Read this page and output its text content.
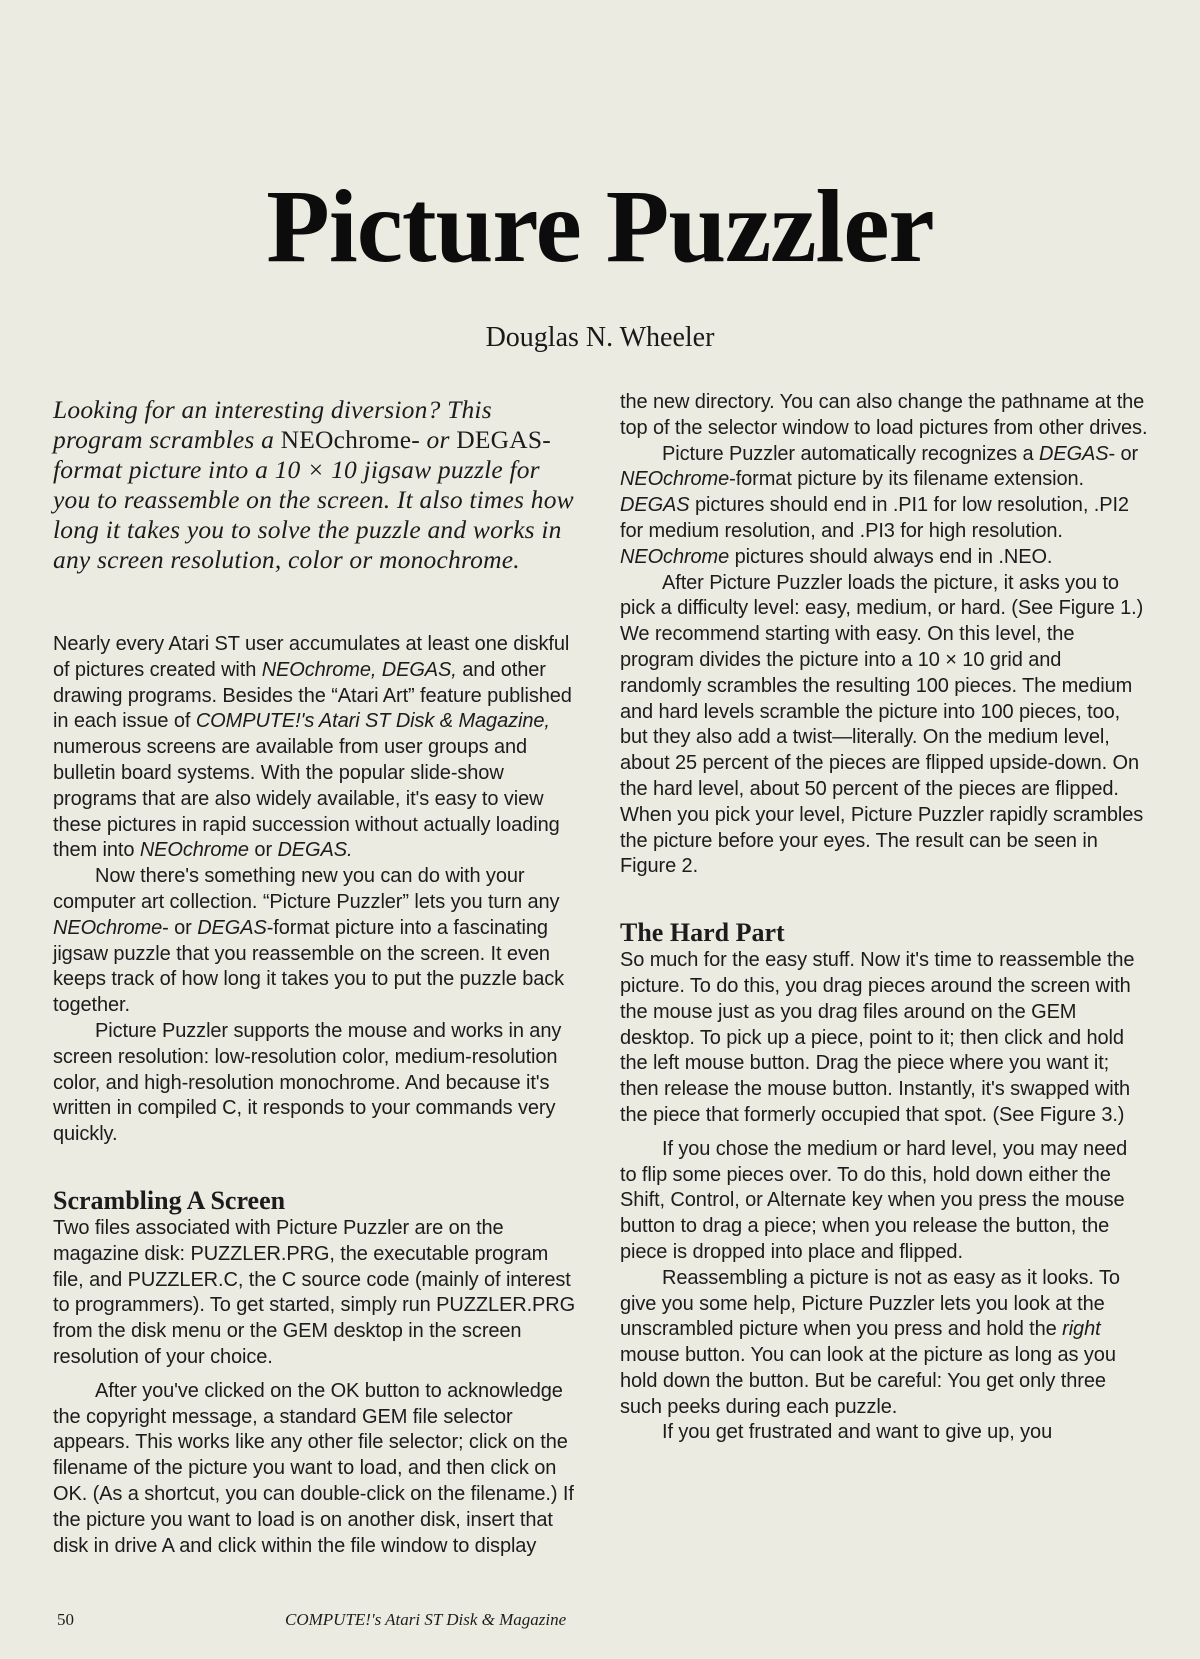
Picture Puzzler
Douglas N. Wheeler

Looking for an interesting diversion? This program scrambles a NEOchrome- or DEGAS-format picture into a 10 × 10 jigsaw puzzle for you to reassemble on the screen. It also times how long it takes you to solve the puzzle and works in any screen resolution, color or monochrome.

Nearly every Atari ST user accumulates at least one diskful of pictures created with NEOchrome, DEGAS, and other drawing programs. Besides the “Atari Art” feature published in each issue of COMPUTE!'s Atari ST Disk & Magazine, numerous screens are available from user groups and bulletin board systems. With the popular slide-show programs that are also widely available, it's easy to view these pictures in rapid succession without actually loading them into NEOchrome or DEGAS.

Now there's something new you can do with your computer art collection. “Picture Puzzler” lets you turn any NEOchrome- or DEGAS-format picture into a fascinating jigsaw puzzle that you reassemble on the screen. It even keeps track of how long it takes you to put the puzzle back together.

Picture Puzzler supports the mouse and works in any screen resolution: low-resolution color, medium-resolution color, and high-resolution monochrome. And because it's written in compiled C, it responds to your commands very quickly.

Scrambling A Screen

Two files associated with Picture Puzzler are on the magazine disk: PUZZLER.PRG, the executable program file, and PUZZLER.C, the C source code (mainly of interest to programmers). To get started, simply run PUZZLER.PRG from the disk menu or the GEM desktop in the screen resolution of your choice.

After you've clicked on the OK button to acknowledge the copyright message, a standard GEM file selector appears. This works like any other file selector; click on the filename of the picture you want to load, and then click on OK. (As a shortcut, you can double-click on the filename.) If the picture you want to load is on another disk, insert that disk in drive A and click within the file window to display

the new directory. You can also change the pathname at the top of the selector window to load pictures from other drives.

Picture Puzzler automatically recognizes a DEGAS- or NEOchrome-format picture by its filename extension. DEGAS pictures should end in .PI1 for low resolution, .PI2 for medium resolution, and .PI3 for high resolution. NEOchrome pictures should always end in .NEO.

After Picture Puzzler loads the picture, it asks you to pick a difficulty level: easy, medium, or hard. (See Figure 1.) We recommend starting with easy. On this level, the program divides the picture into a 10 × 10 grid and randomly scrambles the resulting 100 pieces. The medium and hard levels scramble the picture into 100 pieces, too, but they also add a twist—literally. On the medium level, about 25 percent of the pieces are flipped upside-down. On the hard level, about 50 percent of the pieces are flipped. When you pick your level, Picture Puzzler rapidly scrambles the picture before your eyes. The result can be seen in Figure 2.

The Hard Part

So much for the easy stuff. Now it's time to reassemble the picture. To do this, you drag pieces around the screen with the mouse just as you drag files around on the GEM desktop. To pick up a piece, point to it; then click and hold the left mouse button. Drag the piece where you want it; then release the mouse button. Instantly, it's swapped with the piece that formerly occupied that spot. (See Figure 3.)

If you chose the medium or hard level, you may need to flip some pieces over. To do this, hold down either the Shift, Control, or Alternate key when you press the mouse button to drag a piece; when you release the button, the piece is dropped into place and flipped.

Reassembling a picture is not as easy as it looks. To give you some help, Picture Puzzler lets you look at the unscrambled picture when you press and hold the right mouse button. You can look at the picture as long as you hold down the button. But be careful: You get only three such peeks during each puzzle.

If you get frustrated and want to give up, you

50	COMPUTE!'s Atari ST Disk & Magazine
